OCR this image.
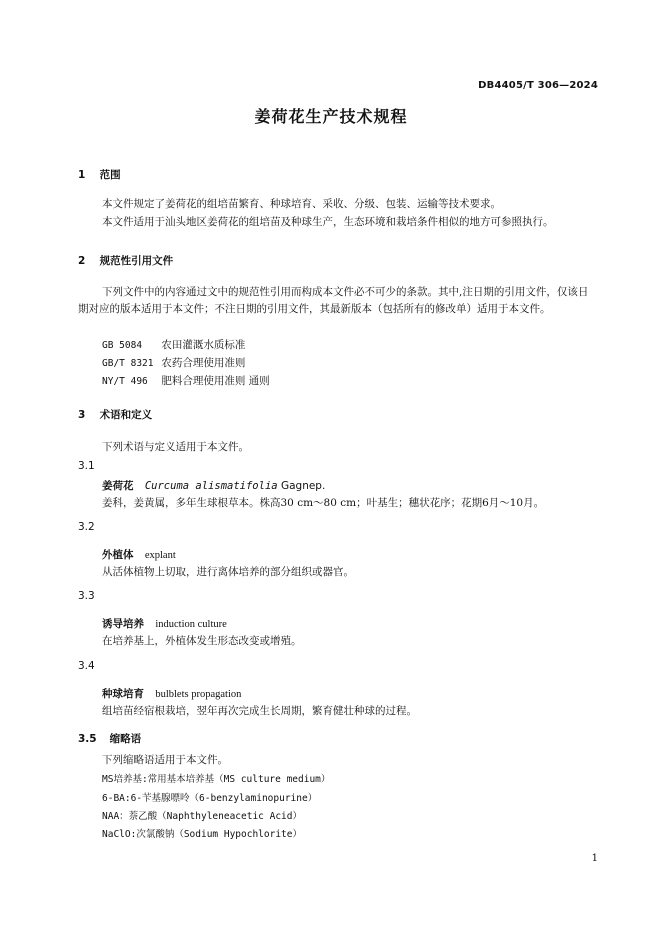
DB4405/T 306—2024
姜荷花生产技术规程
1 范围
本文件规定了姜荷花的组培苗繁育、种球培育、采收、分级、包装、运输等技术要求。
本文件适用于汕头地区姜荷花的组培苗及种球生产，生态环境和栽培条件相似的地方可参照执行。
2 规范性引用文件
下列文件中的内容通过文中的规范性引用而构成本文件必不可少的条款。其中,注日期的引用文件，仅该日期对应的版本适用于本文件；不注日期的引用文件，其最新版本（包括所有的修改单）适用于本文件。
GB 5084 农田灌溉水质标准
GB/T 8321 农药合理使用准则
NY/T 496 肥料合理使用准则 通则
3 术语和定义
下列术语与定义适用于本文件。
3.1
姜荷花 Curcuma alismatifolia Gagnep.
姜科，姜黄属，多年生球根草本。株高30 cm～80 cm；叶基生；穗状花序；花期6月～10月。
3.2
外植体 explant
从活体植物上切取，进行离体培养的部分组织或器官。
3.3
诱导培养 induction culture
在培养基上，外植体发生形态改变或增殖。
3.4
种球培育 bulblets propagation
组培苗经宿根栽培，翌年再次完成生长周期，繁育健壮种球的过程。
3.5 缩略语
下列缩略语适用于本文件。
MS培养基:常用基本培养基（MS culture medium）
6-BA:6-苄基腺嘌呤（6-benzylaminopurine）
NAA：萘乙酸（Naphthyleneacetic Acid）
NaClO:次氯酸钠（Sodium Hypochlorite）
1
